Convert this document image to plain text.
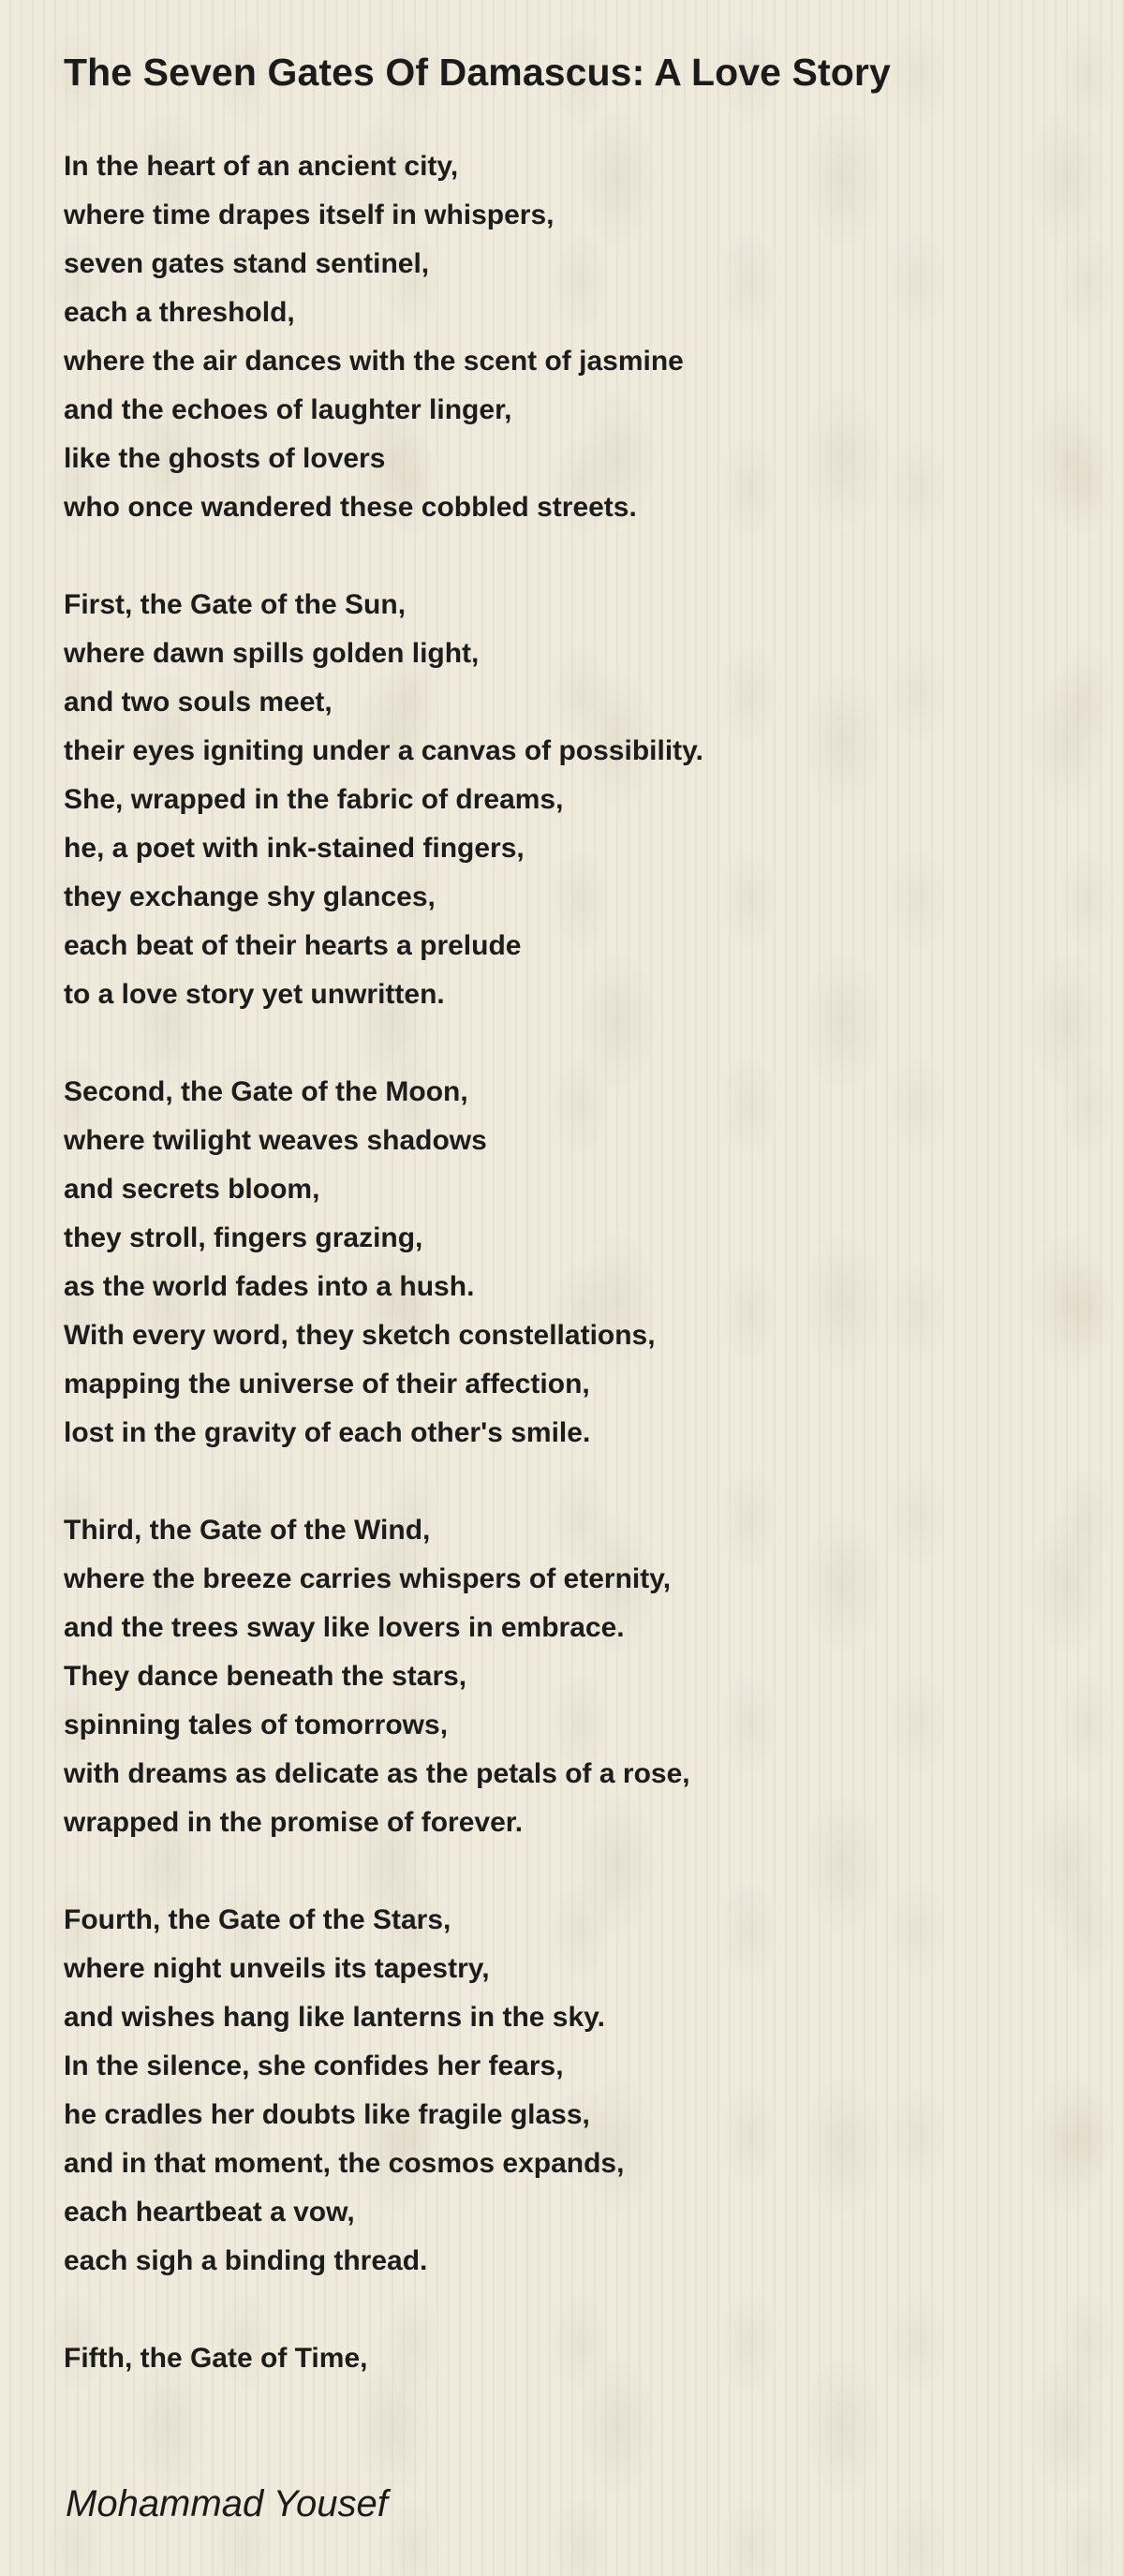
The Seven Gates Of Damascus: A Love Story
In the heart of an ancient city,
where time drapes itself in whispers,
seven gates stand sentinel,
each a threshold,
where the air dances with the scent of jasmine
and the echoes of laughter linger,
like the ghosts of lovers
who once wandered these cobbled streets.
First, the Gate of the Sun,
where dawn spills golden light,
and two souls meet,
their eyes igniting under a canvas of possibility.
She, wrapped in the fabric of dreams,
he, a poet with ink-stained fingers,
they exchange shy glances,
each beat of their hearts a prelude
to a love story yet unwritten.
Second, the Gate of the Moon,
where twilight weaves shadows
and secrets bloom,
they stroll, fingers grazing,
as the world fades into a hush.
With every word, they sketch constellations,
mapping the universe of their affection,
lost in the gravity of each other's smile.
Third, the Gate of the Wind,
where the breeze carries whispers of eternity,
and the trees sway like lovers in embrace.
They dance beneath the stars,
spinning tales of tomorrows,
with dreams as delicate as the petals of a rose,
wrapped in the promise of forever.
Fourth, the Gate of the Stars,
where night unveils its tapestry,
and wishes hang like lanterns in the sky.
In the silence, she confides her fears,
he cradles her doubts like fragile glass,
and in that moment, the cosmos expands,
each heartbeat a vow,
each sigh a binding thread.
Fifth, the Gate of Time,
Mohammad Yousef
